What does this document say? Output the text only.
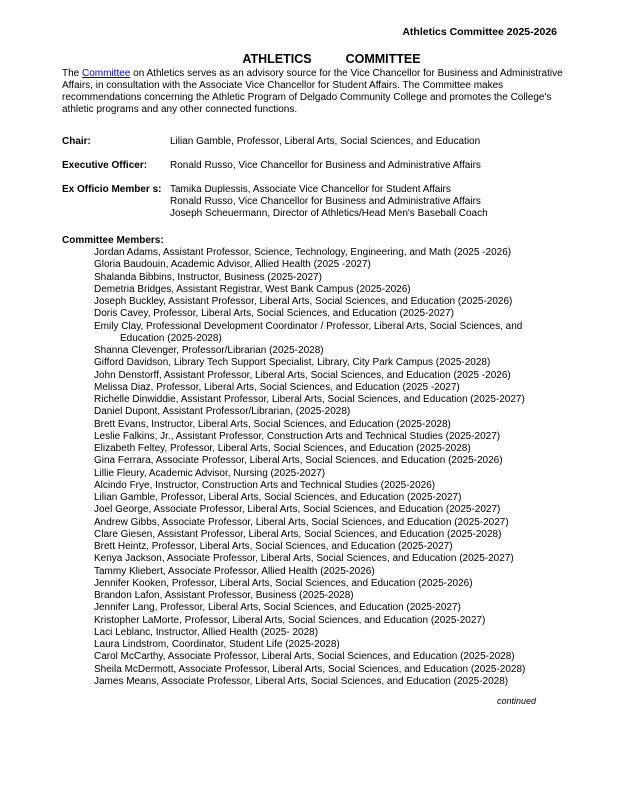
Athletics Committee 2025-2026
ATHLETICS	COMMITTEE

The Committee on Athletics serves as an advisory source for the Vice Chancellor for Business and Administrative Affairs, in consultation with the Associate Vice Chancellor for Student Affairs. The Committee makes recommendations concerning the Athletic Program of Delgado Community College and promotes the College's athletic programs and any other connected functions.

Chair:	Lilian Gamble, Professor, Liberal Arts, Social Sciences, and Education
Executive Officer:	Ronald Russo, Vice Chancellor for Business and Administrative Affairs
Ex Officio Member s: Tamika Duplessis, Associate Vice Chancellor for Student Affairs
Ronald Russo, Vice Chancellor for Business and Administrative Affairs
Joseph Scheuermann, Director of Athletics/Head Men's Baseball Coach
Committee Members:
Jordan Adams, Assistant Professor, Science, Technology, Engineering, and Math (2025 -2026)
Gloria Baudouin, Academic Advisor, Allied Health (2025 -2027)
Shalanda Bibbins, Instructor, Business (2025-2027)
Demetria Bridges, Assistant Registrar, West Bank Campus (2025-2026)
Joseph Buckley, Assistant Professor, Liberal Arts, Social Sciences, and Education (2025-2026)
Doris Cavey, Professor, Liberal Arts, Social Sciences, and Education (2025-2027)
Emily Clay, Professional Development Coordinator / Professor, Liberal Arts, Social Sciences, and
Education (2025-2028)
Shanna Clevenger, Professor/Librarian (2025-2028)
Gifford Davidson, Library Tech Support Specialist, Library, City Park Campus (2025-2028)
John Denstorff, Assistant Professor, Liberal Arts, Social Sciences, and Education (2025 -2026)
Melissa Diaz, Professor, Liberal Arts, Social Sciences, and Education (2025 -2027)
Richelle Dinwiddie, Assistant Professor, Liberal Arts, Social Sciences, and Education (2025-2027)
Daniel Dupont, Assistant Professor/Librarian, (2025-2028)
Brett Evans, Instructor, Liberal Arts, Social Sciences, and Education (2025-2028)
Leslie Falkins, Jr., Assistant Professor, Construction Arts and Technical Studies (2025-2027)
Elizabeth Feltey, Professor, Liberal Arts, Social Sciences, and Education (2025-2028)
Gina Ferrara, Associate Professor, Liberal Arts, Social Sciences, and Education (2025-2026)
Lillie Fleury, Academic Advisor, Nursing (2025-2027)
Alcindo Frye, Instructor, Construction Arts and Technical Studies (2025-2026)
Lilian Gamble, Professor, Liberal Arts, Social Sciences, and Education (2025-2027)
Joel George, Associate Professor, Liberal Arts, Social Sciences, and Education (2025-2027)
Andrew Gibbs, Associate Professor, Liberal Arts, Social Sciences, and Education (2025-2027)
Clare Giesen, Assistant Professor, Liberal Arts, Social Sciences, and Education (2025-2028)
Brett Heintz, Professor, Liberal Arts, Social Sciences, and Education (2025-2027)
Kenya Jackson, Associate Professor, Liberal Arts, Social Sciences, and Education (2025-2027)
Tammy Kliebert, Associate Professor, Allied Health (2025-2026)
Jennifer Kooken, Professor, Liberal Arts, Social Sciences, and Education (2025-2026)
Brandon Lafon, Assistant Professor, Business (2025-2028)
Jennifer Lang, Professor, Liberal Arts, Social Sciences, and Education (2025-2027)
Kristopher LaMorte, Professor, Liberal Arts, Social Sciences, and Education (2025-2027)
Laci Leblanc, Instructor, Allied Health (2025- 2028)
Laura Lindstrom, Coordinator, Student Life (2025-2028)
Carol McCarthy, Associate Professor, Liberal Arts, Social Sciences, and Education (2025-2028)
Sheila McDermott, Associate Professor, Liberal Arts, Social Sciences, and Education (2025-2028)
James Means, Associate Professor, Liberal Arts, Social Sciences, and Education (2025-2028)
continued
